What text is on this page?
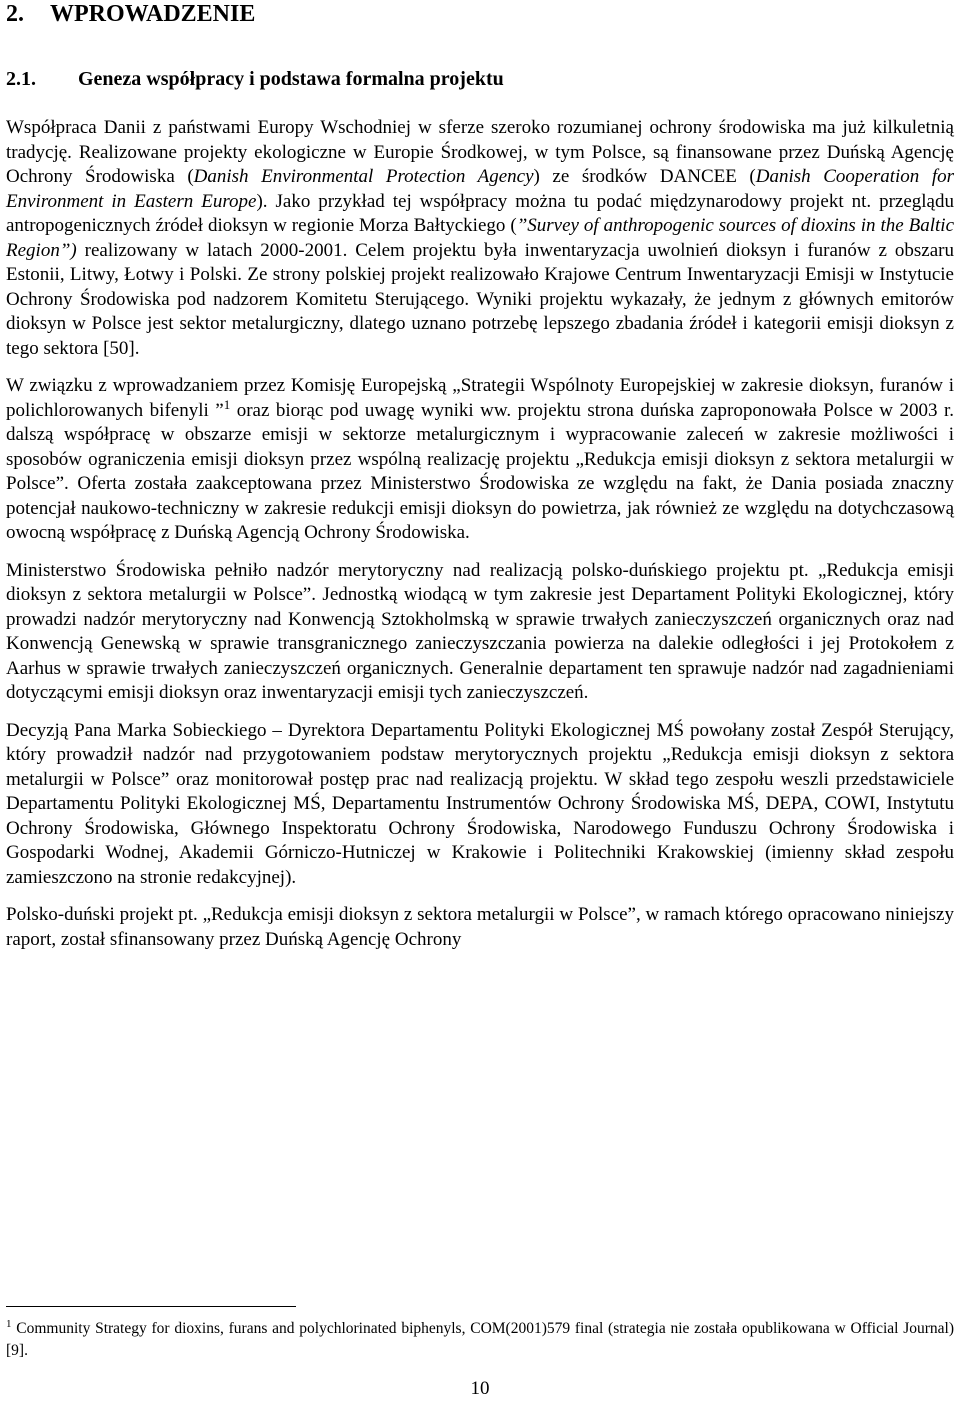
2. WPROWADZENIE
2.1. Geneza współpracy i podstawa formalna projektu

Współpraca Danii z państwami Europy Wschodniej w sferze szeroko rozumianej ochrony środowiska ma już kilkuletnią tradycję. Realizowane projekty ekologiczne w Europie Środkowej, w tym Polsce, są finansowane przez Duńską Agencję Ochrony Środowiska (Danish Environmental Protection Agency) ze środków DANCEE (Danish Cooperation for Environment in Eastern Europe). Jako przykład tej współpracy można tu podać międzynarodowy projekt nt. przeglądu antropogenicznych źródeł dioksyn w regionie Morza Bałtyckiego (”Survey of anthropogenic sources of dioxins in the Baltic Region”) realizowany w latach 2000-2001. Celem projektu była inwentaryzacja uwolnień dioksyn i furanów z obszaru Estonii, Litwy, Łotwy i Polski. Ze strony polskiej projekt realizowało Krajowe Centrum Inwentaryzacji Emisji w Instytucie Ochrony Środowiska pod nadzorem Komitetu Sterującego. Wyniki projektu wykazały, że jednym z głównych emitorów dioksyn w Polsce jest sektor metalurgiczny, dlatego uznano potrzebę lepszego zbadania źródeł i kategorii emisji dioksyn z tego sektora [50].

W związku z wprowadzaniem przez Komisję Europejską „Strategii Wspólnoty Europejskiej w zakresie dioksyn, furanów i polichlorowanych bifenyli ”$^1$ oraz biorąc pod uwagę wyniki ww. projektu strona duńska zaproponowała Polsce w 2003 r. dalszą współpracę w obszarze emisji w sektorze metalurgicznym i wypracowanie zaleceń w zakresie możliwości i sposobów ograniczenia emisji dioksyn przez wspólną realizację projektu „Redukcja emisji dioksyn z sektora metalurgii w Polsce”. Oferta została zaakceptowana przez Ministerstwo Środowiska ze względu na fakt, że Dania posiada znaczny potencjał naukowo-techniczny w zakresie redukcji emisji dioksyn do powietrza, jak również ze względu na dotychczasową owocną współpracę z Duńską Agencją Ochrony Środowiska.

Ministerstwo Środowiska pełniło nadzór merytoryczny nad realizacją polsko-duńskiego projektu pt. „Redukcja emisji dioksyn z sektora metalurgii w Polsce”. Jednostką wiodącą w tym zakresie jest Departament Polityki Ekologicznej, który prowadzi nadzór merytoryczny nad Konwencją Sztokholmską w sprawie trwałych zanieczyszczeń organicznych oraz nad Konwencją Genewską w sprawie transgranicznego zanieczyszczania powierza na dalekie odległości i jej Protokołem z Aarhus w sprawie trwałych zanieczyszczeń organicznych. Generalnie departament ten sprawuje nadzór nad zagadnieniami dotyczącymi emisji dioksyn oraz inwentaryzacji emisji tych zanieczyszczeń.

Decyzją Pana Marka Sobieckiego – Dyrektora Departamentu Polityki Ekologicznej MŚ powołany został Zespół Sterujący, który prowadził nadzór nad przygotowaniem podstaw merytorycznych projektu „Redukcja emisji dioksyn z sektora metalurgii w Polsce” oraz monitorował postęp prac nad realizacją projektu. W skład tego zespołu weszli przedstawiciele Departamentu Polityki Ekologicznej MŚ, Departamentu Instrumentów Ochrony Środowiska MŚ, DEPA, COWI, Instytutu Ochrony Środowiska, Głównego Inspektoratu Ochrony Środowiska, Narodowego Funduszu Ochrony Środowiska i Gospodarki Wodnej, Akademii Górniczo-Hutniczej w Krakowie i Politechniki Krakowskiej (imienny skład zespołu zamieszczono na stronie redakcyjnej).

Polsko-duński projekt pt. „Redukcja emisji dioksyn z sektora metalurgii w Polsce”, w ramach którego opracowano niniejszy raport, został sfinansowany przez Duńską Agencję Ochrony

$^1$ Community Strategy for dioxins, furans and polychlorinated biphenyls, COM(2001)579 final (strategia nie została opublikowana w Official Journal) [9].
10
